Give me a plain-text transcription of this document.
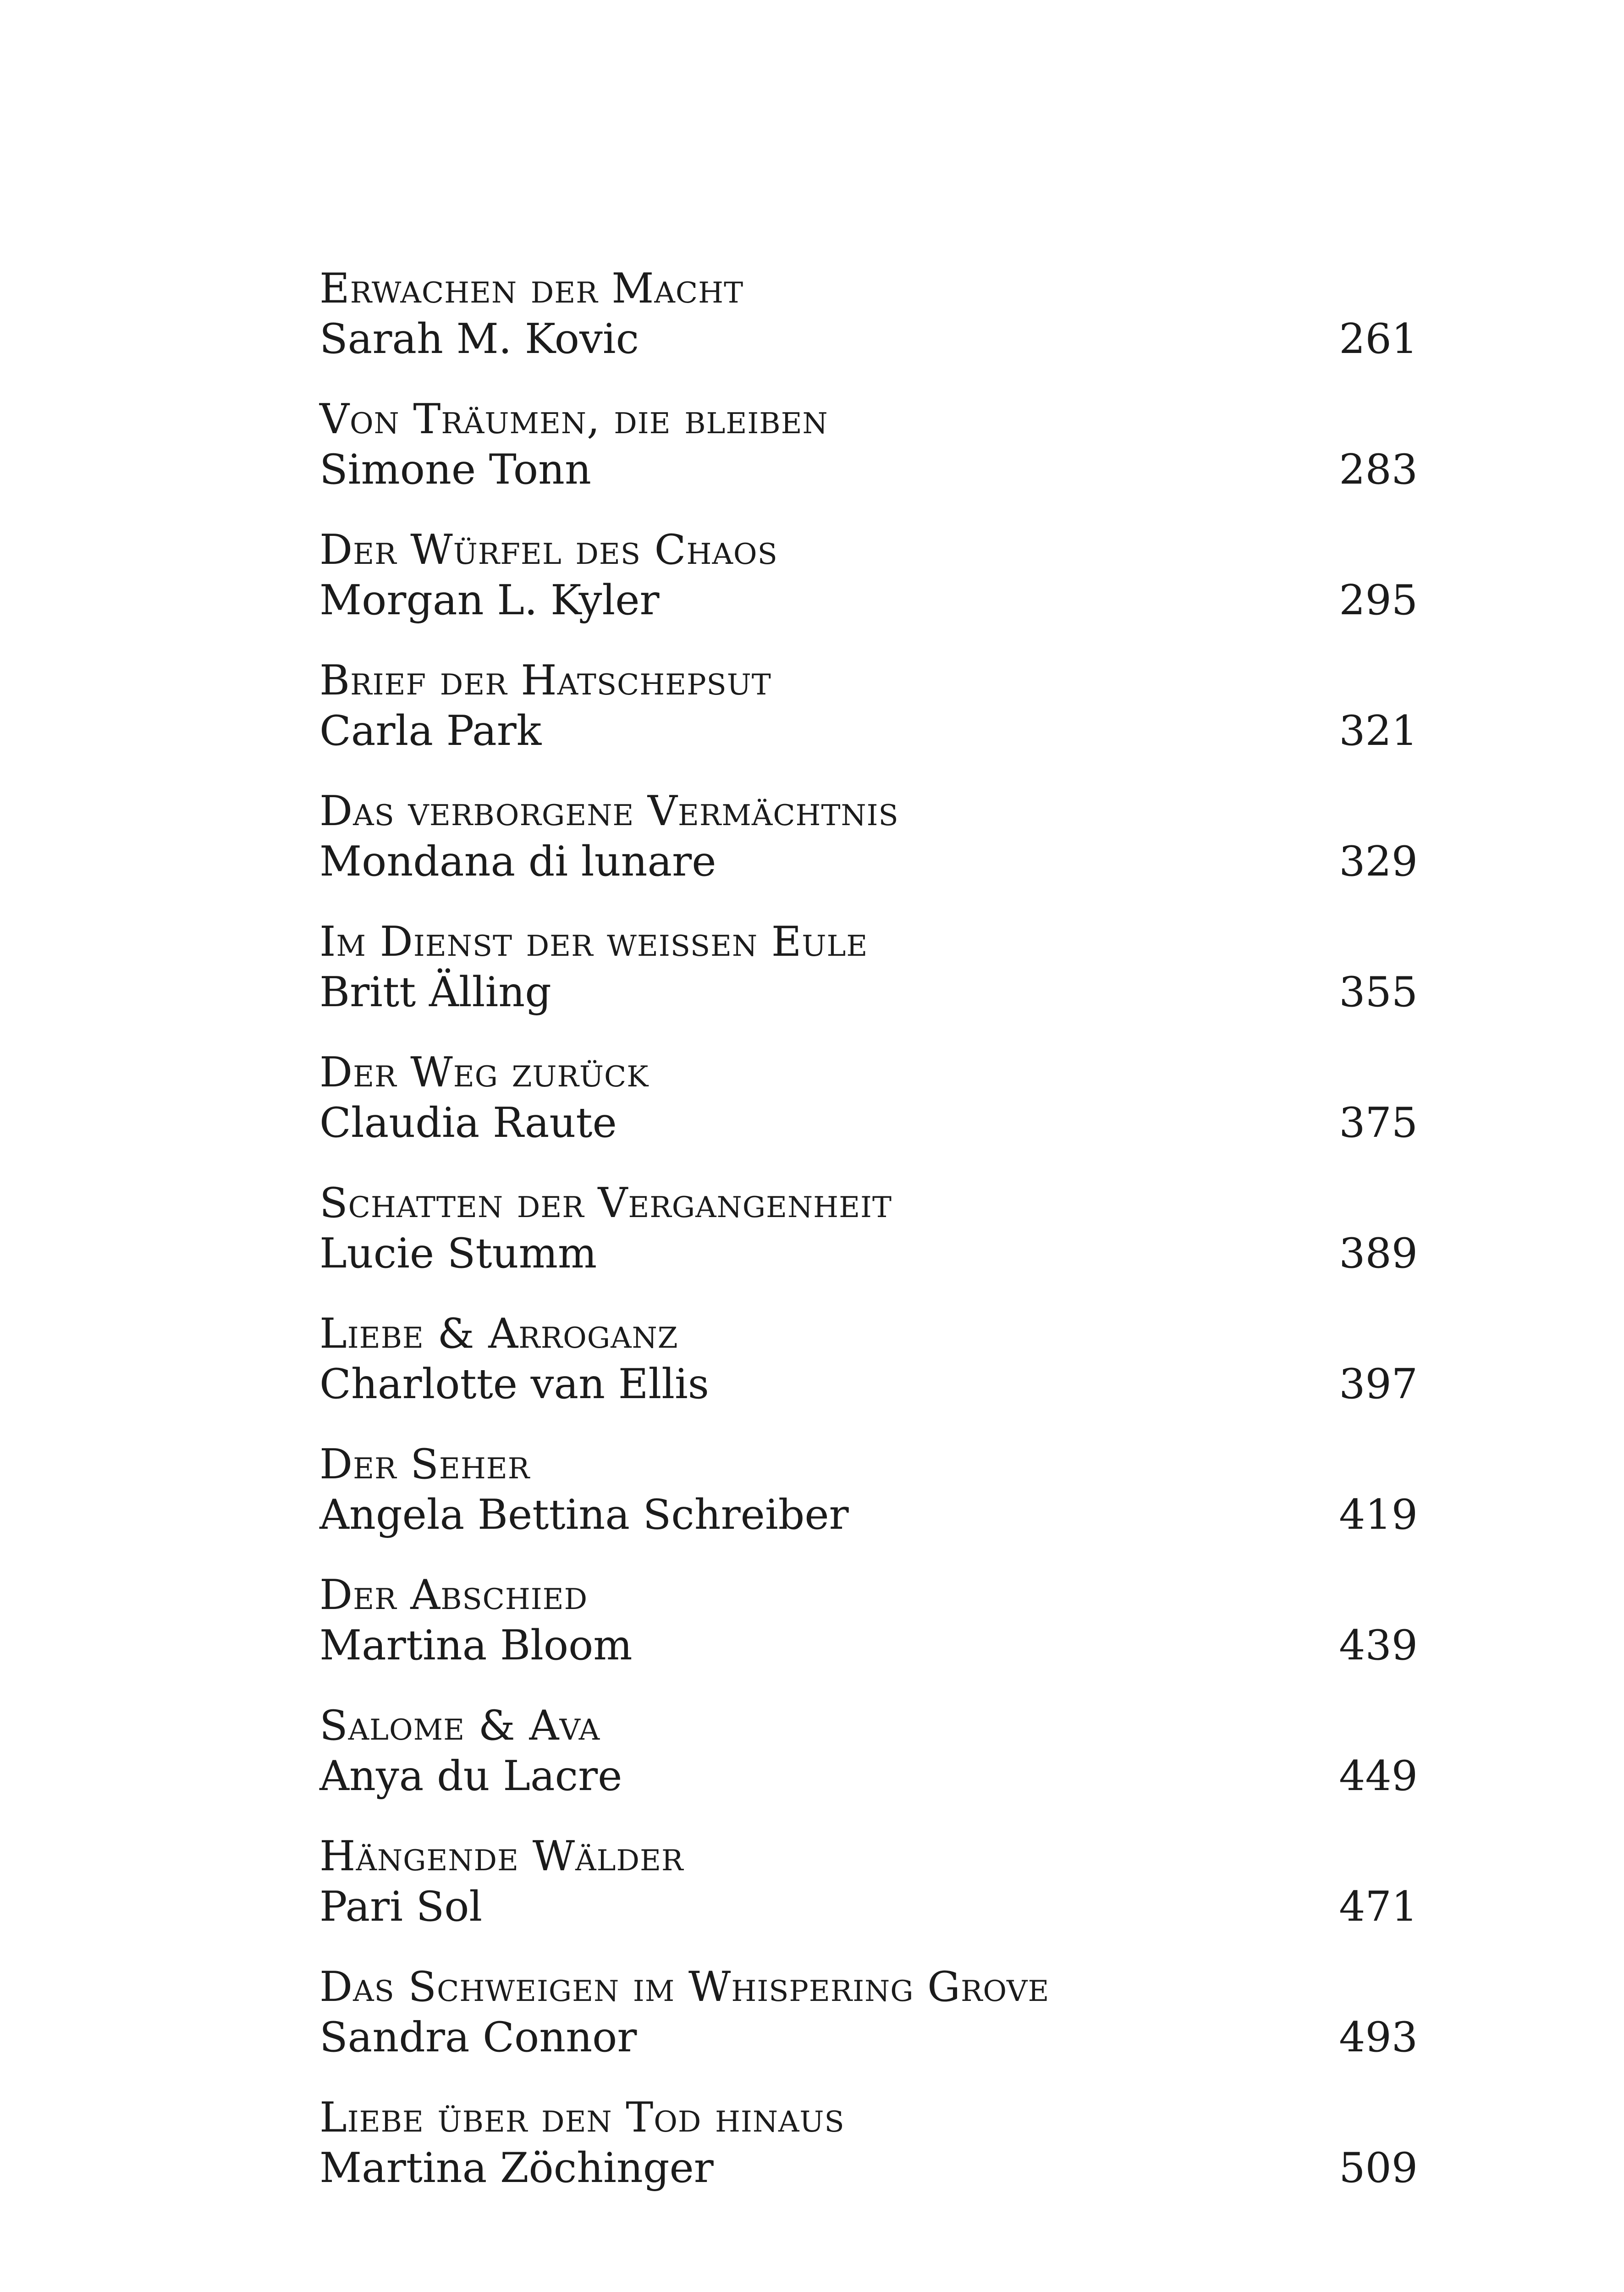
Erwachen der Macht
Sarah M. Kovic	261
Von Träumen, die bleiben
Simone Tonn	283
Der Würfel des Chaos
Morgan L. Kyler	295
Brief der Hatschepsut
Carla Park	321
Das verborgene Vermächtnis
Mondana di lunare	329
Im Dienst der weissen Eule
Britt Älling	355
Der Weg zurück
Claudia Raute	375
Schatten der Vergangenheit
Lucie Stumm	389
Liebe & Arroganz
Charlotte van Ellis	397
Der Seher
Angela Bettina Schreiber	419
Der Abschied
Martina Bloom	439
Salome & Ava
Anya du Lacre	449
Hängende Wälder
Pari Sol	471
Das Schweigen im Whispering Grove
Sandra Connor	493
Liebe über den Tod hinaus
Martina Zöchinger	509
